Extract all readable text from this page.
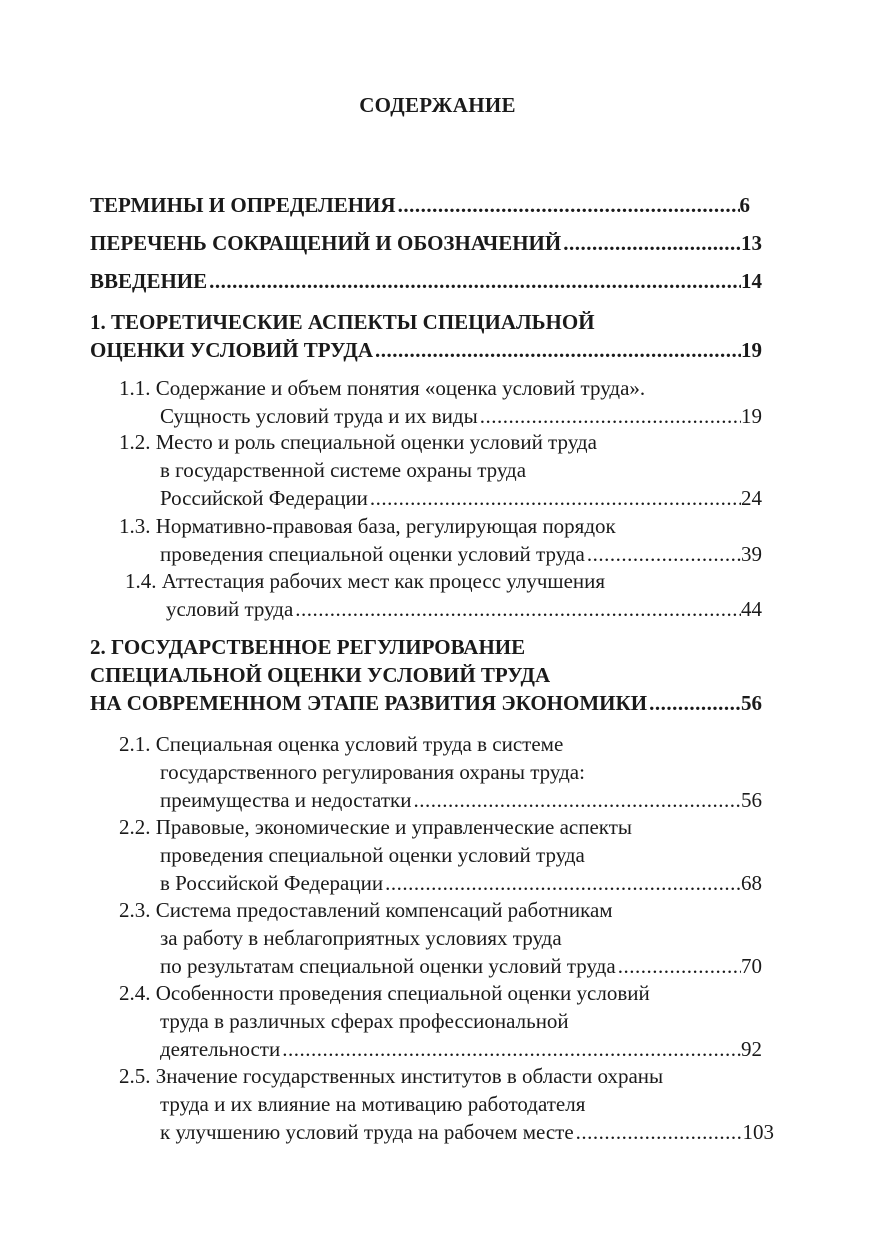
СОДЕРЖАНИЕ
ТЕРМИНЫ И ОПРЕДЕЛЕНИЯ .....	6
ПЕРЕЧЕНЬ СОКРАЩЕНИЙ И ОБОЗНАЧЕНИЙ .....	13
ВВЕДЕНИЕ .....	14
1. ТЕОРЕТИЧЕСКИЕ АСПЕКТЫ СПЕЦИАЛЬНОЙ
ОЦЕНКИ УСЛОВИЙ ТРУДА .....	19
1.1. Содержание и объем понятия «оценка условий труда».
Сущность условий труда и их виды .....	19
1.2. Место и роль специальной оценки условий труда
в государственной системе охраны труда
Российской Федерации .....	24
1.3. Нормативно-правовая база, регулирующая порядок
проведения специальной оценки условий труда .....	39
1.4. Аттестация рабочих мест как процесс улучшения
условий труда .....	44
2. ГОСУДАРСТВЕННОЕ РЕГУЛИРОВАНИЕ
СПЕЦИАЛЬНОЙ ОЦЕНКИ УСЛОВИЙ ТРУДА
НА СОВРЕМЕННОМ ЭТАПЕ РАЗВИТИЯ ЭКОНОМИКИ .....	56
2.1. Специальная оценка условий труда в системе
государственного регулирования охраны труда:
преимущества и недостатки .....	56
2.2. Правовые, экономические и управленческие аспекты
проведения специальной оценки условий труда
в Российской Федерации .....	68
2.3. Система предоставлений компенсаций работникам
за работу в неблагоприятных условиях труда
по результатам специальной оценки условий труда .....	70
2.4. Особенности проведения специальной оценки условий
труда в различных сферах профессиональной
деятельности .....	92
2.5. Значение государственных институтов в области охраны
труда и их влияние на мотивацию работодателя
к улучшению условий труда на рабочем месте .....	103
